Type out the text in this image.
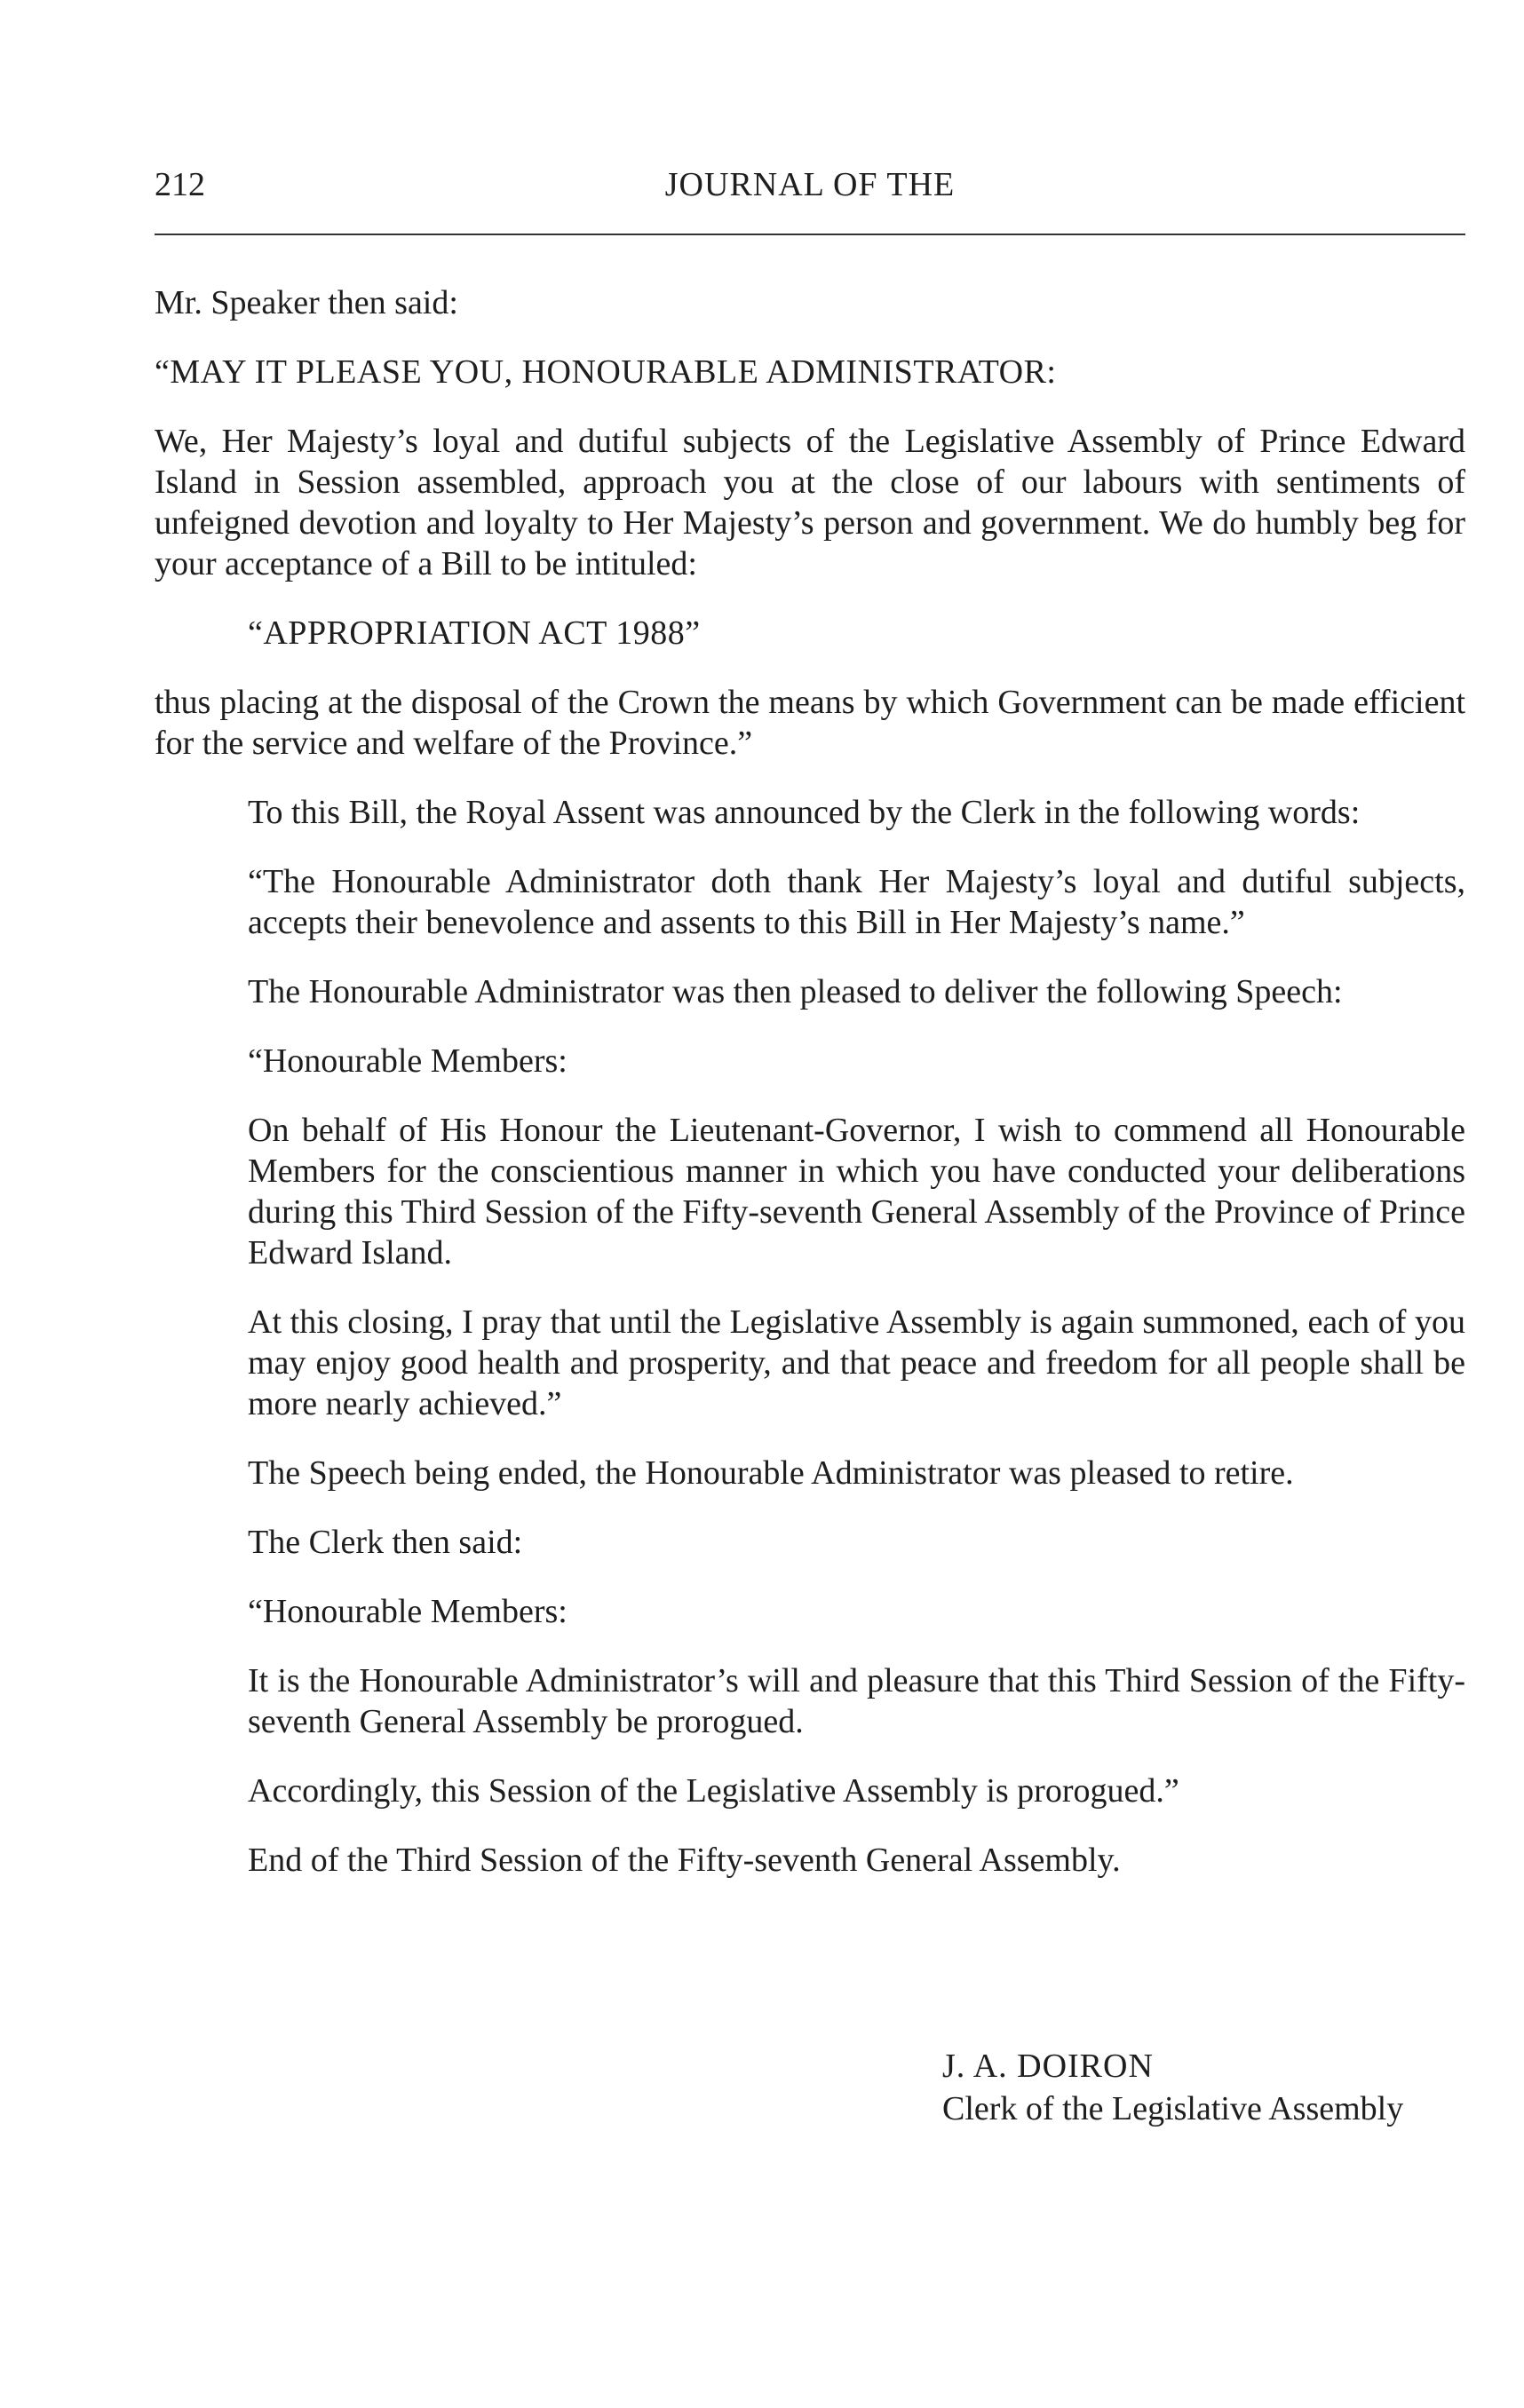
212	JOURNAL OF THE

Mr. Speaker then said:

“MAY IT PLEASE YOU, HONOURABLE ADMINISTRATOR:

We, Her Majesty’s loyal and dutiful subjects of the Legislative Assembly of Prince Edward Island in Session assembled, approach you at the close of our labours with sentiments of unfeigned devotion and loyalty to Her Majesty’s person and government. We do humbly beg for your acceptance of a Bill to be intituled:

“APPROPRIATION ACT 1988”

thus placing at the disposal of the Crown the means by which Government can be made efficient for the service and welfare of the Province.”

To this Bill, the Royal Assent was announced by the Clerk in the following words:

“The Honourable Administrator doth thank Her Majesty’s loyal and dutiful subjects, accepts their benevolence and assents to this Bill in Her Majesty’s name.”

The Honourable Administrator was then pleased to deliver the following Speech:

“Honourable Members:

On behalf of His Honour the Lieutenant-Governor, I wish to commend all Honourable Members for the conscientious manner in which you have conducted your deliberations during this Third Session of the Fifty-seventh General Assembly of the Province of Prince Edward Island.

At this closing, I pray that until the Legislative Assembly is again summoned, each of you may enjoy good health and prosperity, and that peace and freedom for all people shall be more nearly achieved.”

The Speech being ended, the Honourable Administrator was pleased to retire.

The Clerk then said:

“Honourable Members:

It is the Honourable Administrator’s will and pleasure that this Third Session of the Fifty-seventh General Assembly be prorogued.

Accordingly, this Session of the Legislative Assembly is prorogued.”

End of the Third Session of the Fifty-seventh General Assembly.

J. A. DOIRON
Clerk of the Legislative Assembly
